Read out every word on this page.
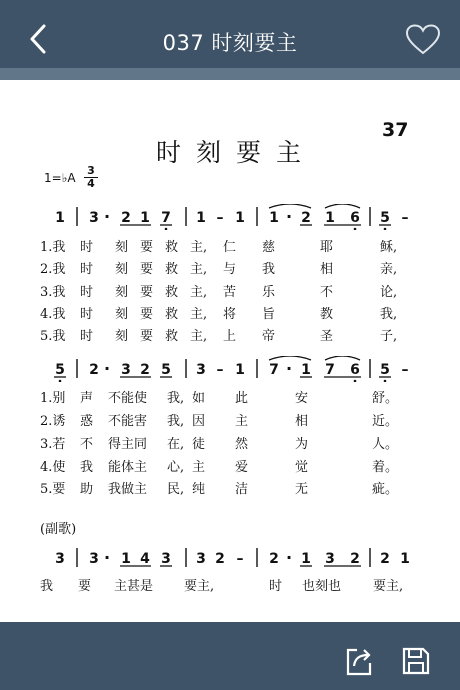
037 时刻要主
37
时刻要主
1=♭A
3
4
1 3 · 2 1 7 1 – 1 1 · 2 1 6 5 –
1.我 时 刻 要 救 主, 仁 慈	耶	稣,
2.我 时 刻 要 救 主, 与 我	相	亲,
3.我 时 刻 要 救 主, 苦 乐	不	论,
4.我 时 刻 要 救 主, 将 旨	教	我,
5.我 时 刻 要 救 主, 上 帝	圣	子,
5 2 · 3 2 5 3 – 1 7 · 1 7 6 5 –
1.别 声 不能使 我, 如 此	安	舒。
2.诱 惑 不能害 我, 因 主	相	近。
3.若 不 得主同 在, 徒 然	为	人。
4.使 我 能体主 心, 主 爱	觉	着。
5.要 助 我做主 民, 纯 洁	无	疵。
(副歌)
3 3 · 1 4 3 3 2 – 2 · 1 3 2 2 1
我 要 主甚是 要主,	时 也刻也 要主,
